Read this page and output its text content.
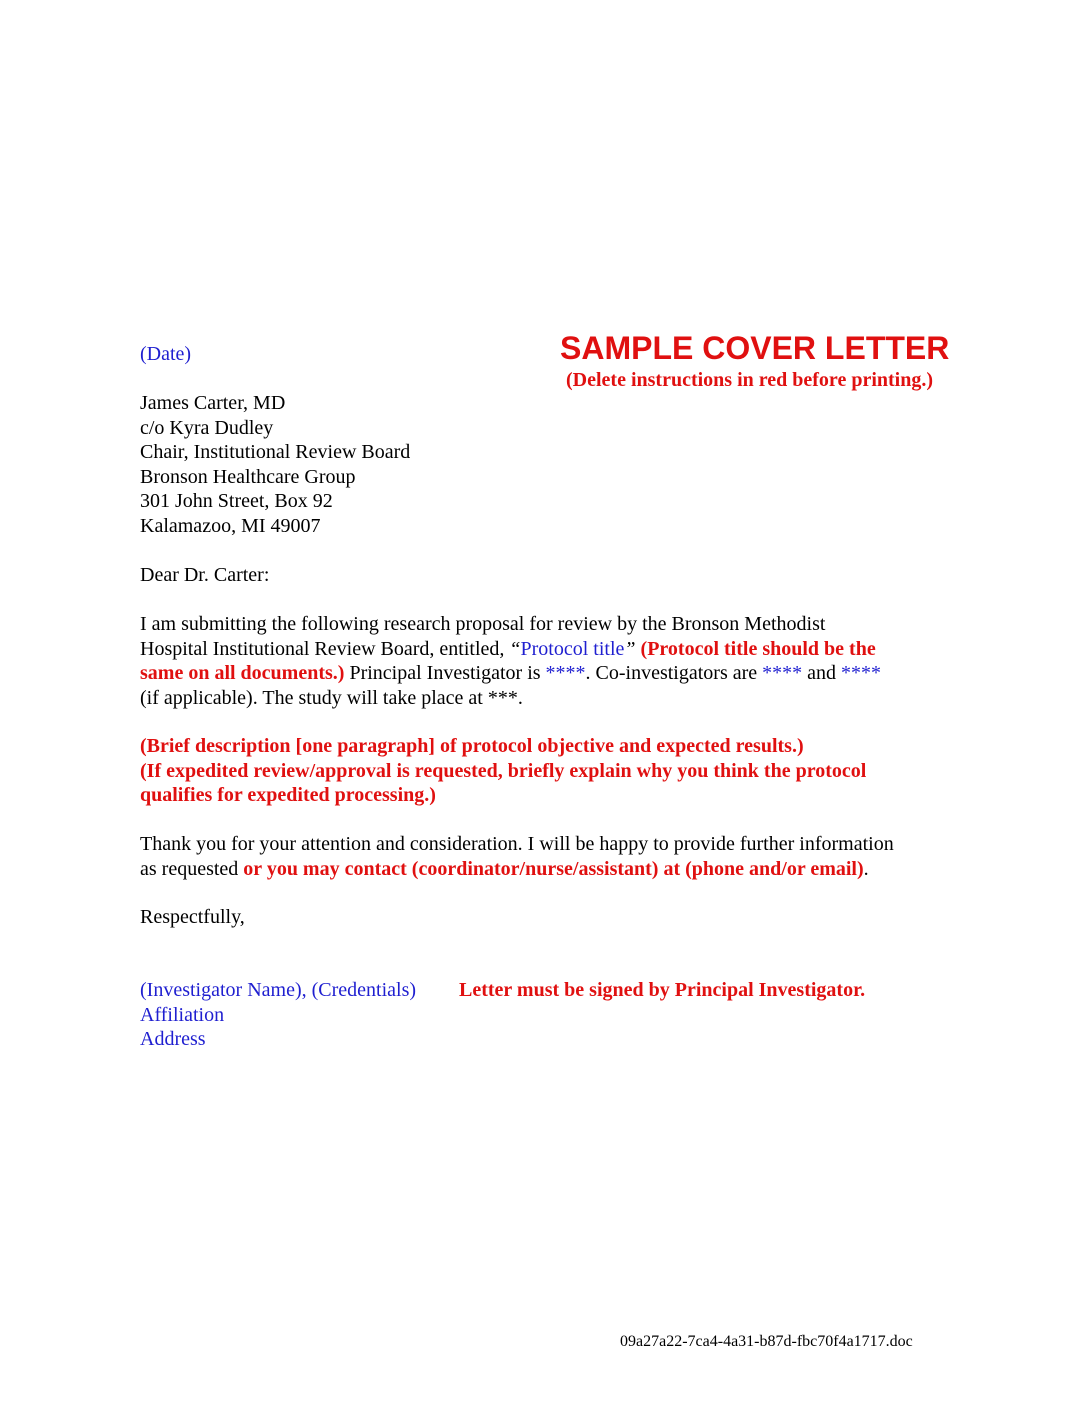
(Date)	SAMPLE COVER LETTER
(Delete instructions in red before printing.)
James Carter, MD
c/o Kyra Dudley
Chair, Institutional Review Board
Bronson Healthcare Group
301 John Street, Box 92
Kalamazoo, MI 49007
Dear Dr. Carter:
I am submitting the following research proposal for review by the Bronson Methodist
Hospital Institutional Review Board, entitled, “Protocol title” (Protocol title should be the
same on all documents.) Principal Investigator is ****. Co-investigators are **** and ****
(if applicable). The study will take place at ***.
(Brief description [one paragraph] of protocol objective and expected results.)
(If expedited review/approval is requested, briefly explain why you think the protocol
qualifies for expedited processing.)
Thank you for your attention and consideration. I will be happy to provide further information
as requested or you may contact (coordinator/nurse/assistant) at (phone and/or email).
Respectfully,
(Investigator Name), (Credentials)
Affiliation
Address
Letter must be signed by Principal Investigator.
09a27a22-7ca4-4a31-b87d-fbc70f4a1717.doc
